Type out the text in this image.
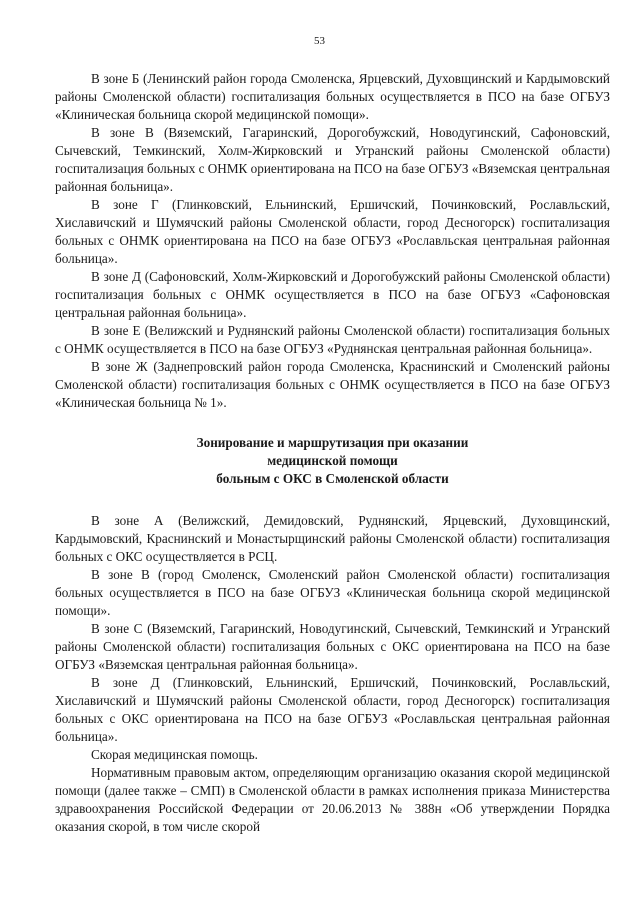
53

В зоне Б (Ленинский район города Смоленска, Ярцевский, Духовщинский и Кардымовский районы Смоленской области) госпитализация больных осуществляется в ПСО на базе ОГБУЗ «Клиническая больница скорой медицинской помощи».

В зоне В (Вяземский, Гагаринский, Дорогобужский, Новодугинский, Сафоновский, Сычевский, Темкинский, Холм-Жирковский и Угранский районы Смоленской области) госпитализация больных с ОНМК ориентирована на ПСО на базе ОГБУЗ «Вяземская центральная районная больница».

В зоне Г (Глинковский, Ельнинский, Ершичский, Починковский, Рославльский, Хиславичский и Шумячский районы Смоленской области, город Десногорск) госпитализация больных с ОНМК ориентирована на ПСО на базе ОГБУЗ «Рославльская центральная районная больница».

В зоне Д (Сафоновский, Холм-Жирковский и Дорогобужский районы Смоленской области) госпитализация больных с ОНМК осуществляется в ПСО на базе ОГБУЗ «Сафоновская центральная районная больница».

В зоне Е (Велижский и Руднянский районы Смоленской области) госпитализация больных с ОНМК осуществляется в ПСО на базе ОГБУЗ «Руднянская центральная районная больница».

В зоне Ж (Заднепровский район города Смоленска, Краснинский и Смоленский районы Смоленской области) госпитализация больных с ОНМК осуществляется в ПСО на базе ОГБУЗ «Клиническая больница № 1».

Зонирование и маршрутизация при оказании
медицинской помощи
больным с ОКС в Смоленской области

В зоне А (Велижский, Демидовский, Руднянский, Ярцевский, Духовщинский, Кардымовский, Краснинский и Монастырщинский районы Смоленской области) госпитализация больных с ОКС осуществляется в РСЦ.

В зоне В (город Смоленск, Смоленский район Смоленской области) госпитализация больных осуществляется в ПСО на базе ОГБУЗ «Клиническая больница скорой медицинской помощи».

В зоне С (Вяземский, Гагаринский, Новодугинский, Сычевский, Темкинский и Угранский районы Смоленской области) госпитализация больных с ОКС ориентирована на ПСО на базе ОГБУЗ «Вяземская центральная районная больница».

В зоне Д (Глинковский, Ельнинский, Ершичский, Починковский, Рославльский, Хиславичский и Шумячский районы Смоленской области, город Десногорск) госпитализация больных с ОКС ориентирована на ПСО на базе ОГБУЗ «Рославльская центральная районная больница».

Скорая медицинская помощь.

Нормативным правовым актом, определяющим организацию оказания скорой медицинской помощи (далее также – СМП) в Смоленской области в рамках исполнения приказа Министерства здравоохранения Российской Федерации от 20.06.2013 № 388н «Об утверждении Порядка оказания скорой, в том числе скорой
